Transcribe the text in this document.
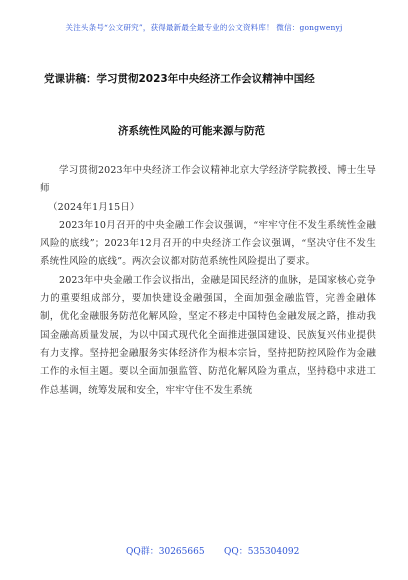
关注头条号“公文研究”，获得最新最全最专业的公文资料库！ 微信：gongwenyj
党课讲稿：学习贯彻2023年中央经济工作会议精神中国经
济系统性风险的可能来源与防范

学习贯彻2023年中央经济工作会议精神北京大学经济学院教授、博士生导师

（2024年1月15日）

2023年10月召开的中央金融工作会议强调，“牢牢守住不发生系统性金融风险的底线”；2023年12月召开的中央经济工作会议强调，“坚决守住不发生系统性风险的底线”。两次会议都对防范系统性风险提出了要求。

2023年中央金融工作会议指出，金融是国民经济的血脉，是国家核心竞争力的重要组成部分，要加快建设金融强国，全面加强金融监管，完善金融体制，优化金融服务防范化解风险，坚定不移走中国特色金融发展之路，推动我国金融高质量发展，为以中国式现代化全面推进强国建设、民族复兴伟业提供有力支撑。坚持把金融服务实体经济作为根本宗旨，坚持把防控风险作为金融工作的永恒主题。要以全面加强监管、防范化解风险为重点，坚持稳中求进工作总基调，统筹发展和安全，牢牢守住不发生系统

QQ群：30265665 QQ：535304092
